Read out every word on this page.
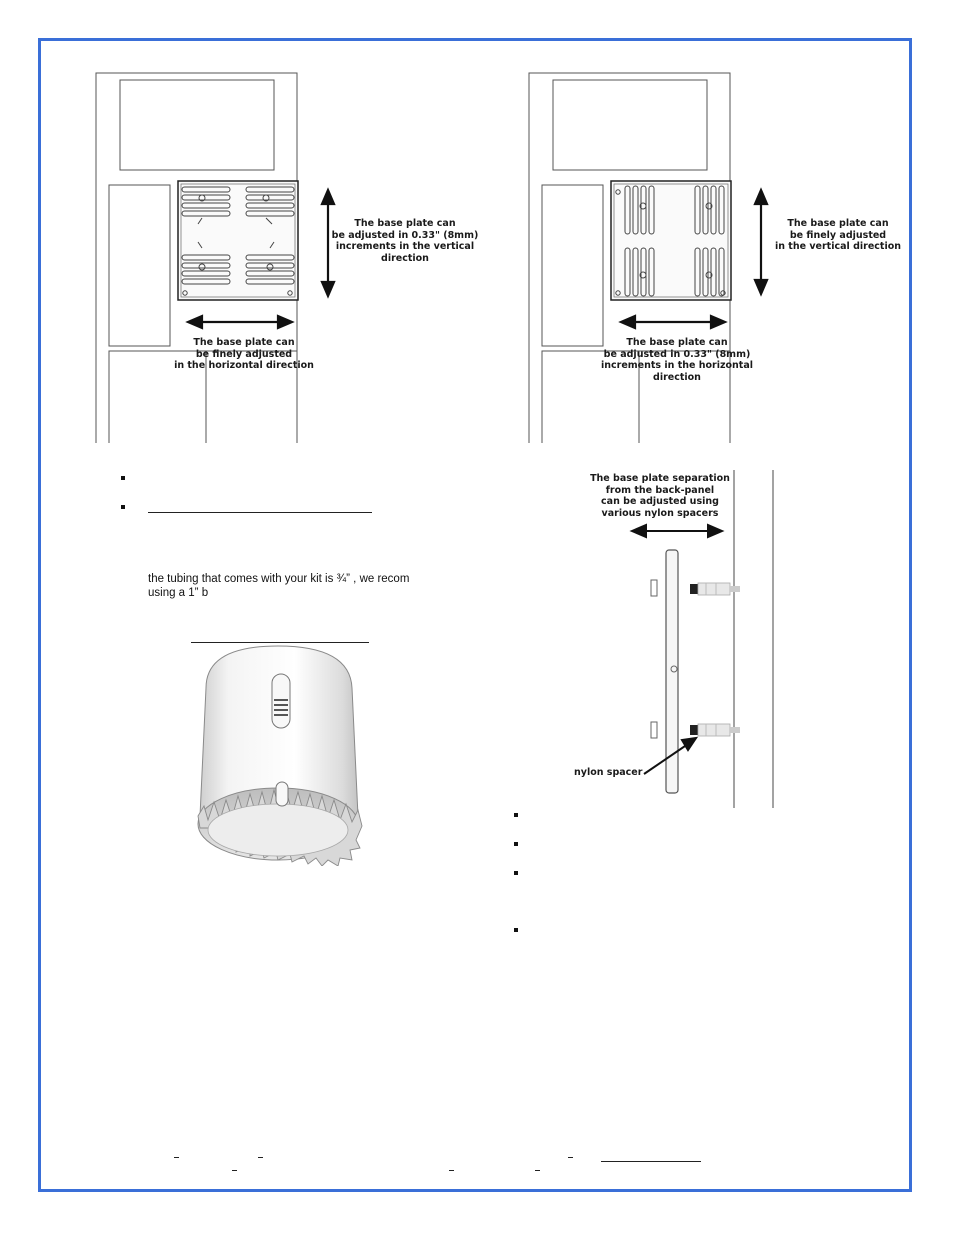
The base plate can
be adjusted in 0.33" (8mm)
increments in the vertical
direction
The base plate can
be finely adjusted
in the horizontal direction
The base plate can
be finely adjusted
in the vertical direction
The base plate can
be adjusted in 0.33" (8mm)
increments in the horizontal
direction
the tubing that comes with your kit is ¾” , we recom
using a 1” b
The base plate separation
from the back-panel
can be adjusted using
various nylon spacers
nylon spacer
